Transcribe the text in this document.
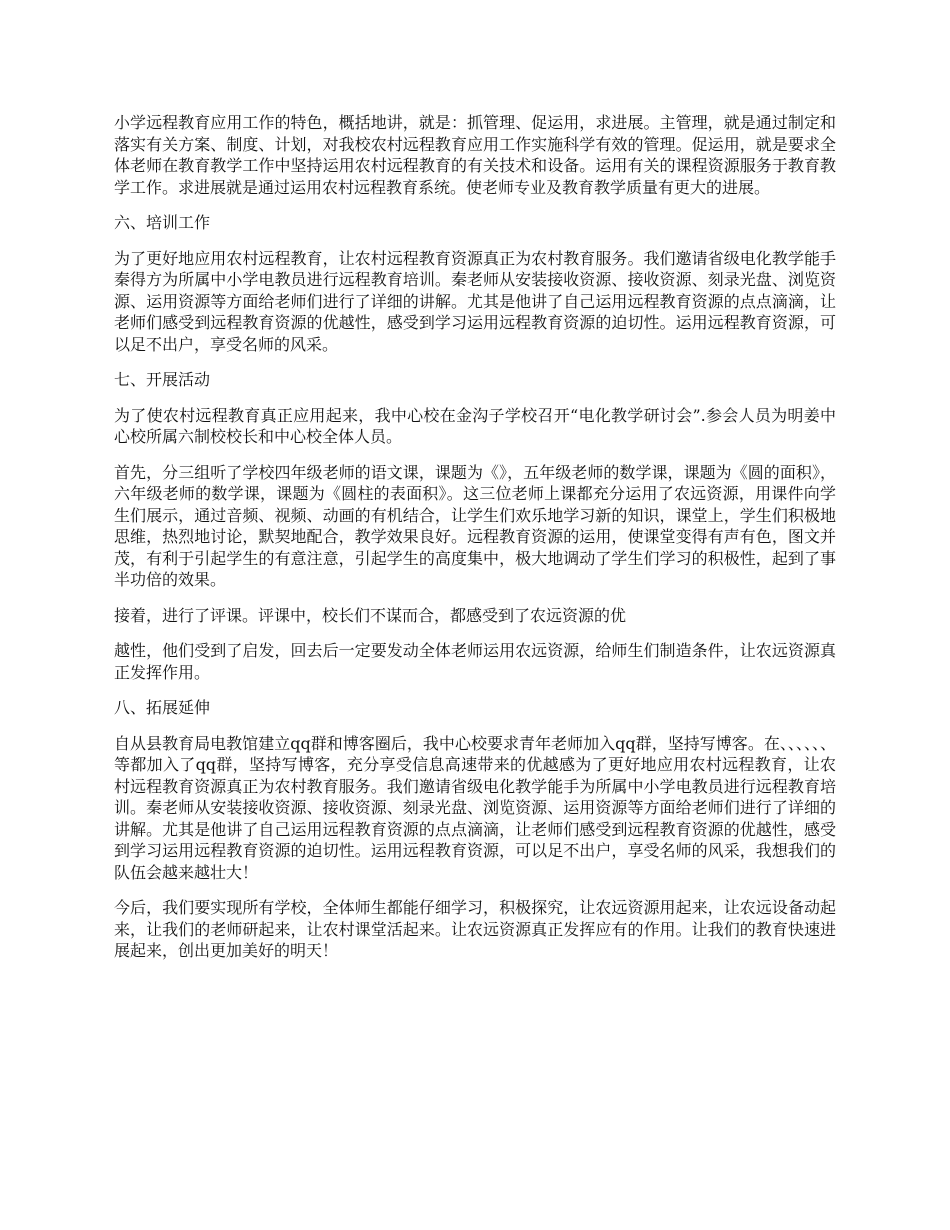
小学远程教育应用工作的特色，概括地讲，就是：抓管理、促运用，求进展。主管理，就是通过制定和落实有关方案、制度、计划，对我校农村远程教育应用工作实施科学有效的管理。促运用，就是要求全体老师在教育教学工作中坚持运用农村远程教育的有关技术和设备。运用有关的课程资源服务于教育教学工作。求进展就是通过运用农村远程教育系统。使老师专业及教育教学质量有更大的进展。

六、培训工作

为了更好地应用农村远程教育，让农村远程教育资源真正为农村教育服务。我们邀请省级电化教学能手秦得方为所属中小学电教员进行远程教育培训。秦老师从安装接收资源、接收资源、刻录光盘、浏览资源、运用资源等方面给老师们进行了详细的讲解。尤其是他讲了自己运用远程教育资源的点点滴滴，让老师们感受到远程教育资源的优越性，感受到学习运用远程教育资源的迫切性。运用远程教育资源，可以足不出户，享受名师的风采。

七、开展活动

为了使农村远程教育真正应用起来，我中心校在金沟子学校召开“电化教学研讨会”.参会人员为明姜中心校所属六制校校长和中心校全体人员。

首先，分三组听了学校四年级老师的语文课，课题为《》，五年级老师的数学课，课题为《圆的面积》，六年级老师的数学课，课题为《圆柱的表面积》。这三位老师上课都充分运用了农远资源，用课件向学生们展示，通过音频、视频、动画的有机结合，让学生们欢乐地学习新的知识，课堂上，学生们积极地思维，热烈地讨论，默契地配合，教学效果良好。远程教育资源的运用，使课堂变得有声有色，图文并茂，有利于引起学生的有意注意，引起学生的高度集中，极大地调动了学生们学习的积极性，起到了事半功倍的效果。

接着，进行了评课。评课中，校长们不谋而合，都感受到了农远资源的优

越性，他们受到了启发，回去后一定要发动全体老师运用农远资源，给师生们制造条件，让农远资源真正发挥作用。

八、拓展延伸

自从县教育局电教馆建立qq群和博客圈后，我中心校要求青年老师加入qq群，坚持写博客。在、、、、、、等都加入了qq群，坚持写博客，充分享受信息高速带来的优越感为了更好地应用农村远程教育，让农村远程教育资源真正为农村教育服务。我们邀请省级电化教学能手为所属中小学电教员进行远程教育培训。秦老师从安装接收资源、接收资源、刻录光盘、浏览资源、运用资源等方面给老师们进行了详细的讲解。尤其是他讲了自己运用远程教育资源的点点滴滴，让老师们感受到远程教育资源的优越性，感受到学习运用远程教育资源的迫切性。运用远程教育资源，可以足不出户，享受名师的风采，我想我们的队伍会越来越壮大！

今后，我们要实现所有学校，全体师生都能仔细学习，积极探究，让农远资源用起来，让农远设备动起来，让我们的老师研起来，让农村课堂活起来。让农远资源真正发挥应有的作用。让我们的教育快速进展起来，创出更加美好的明天！
